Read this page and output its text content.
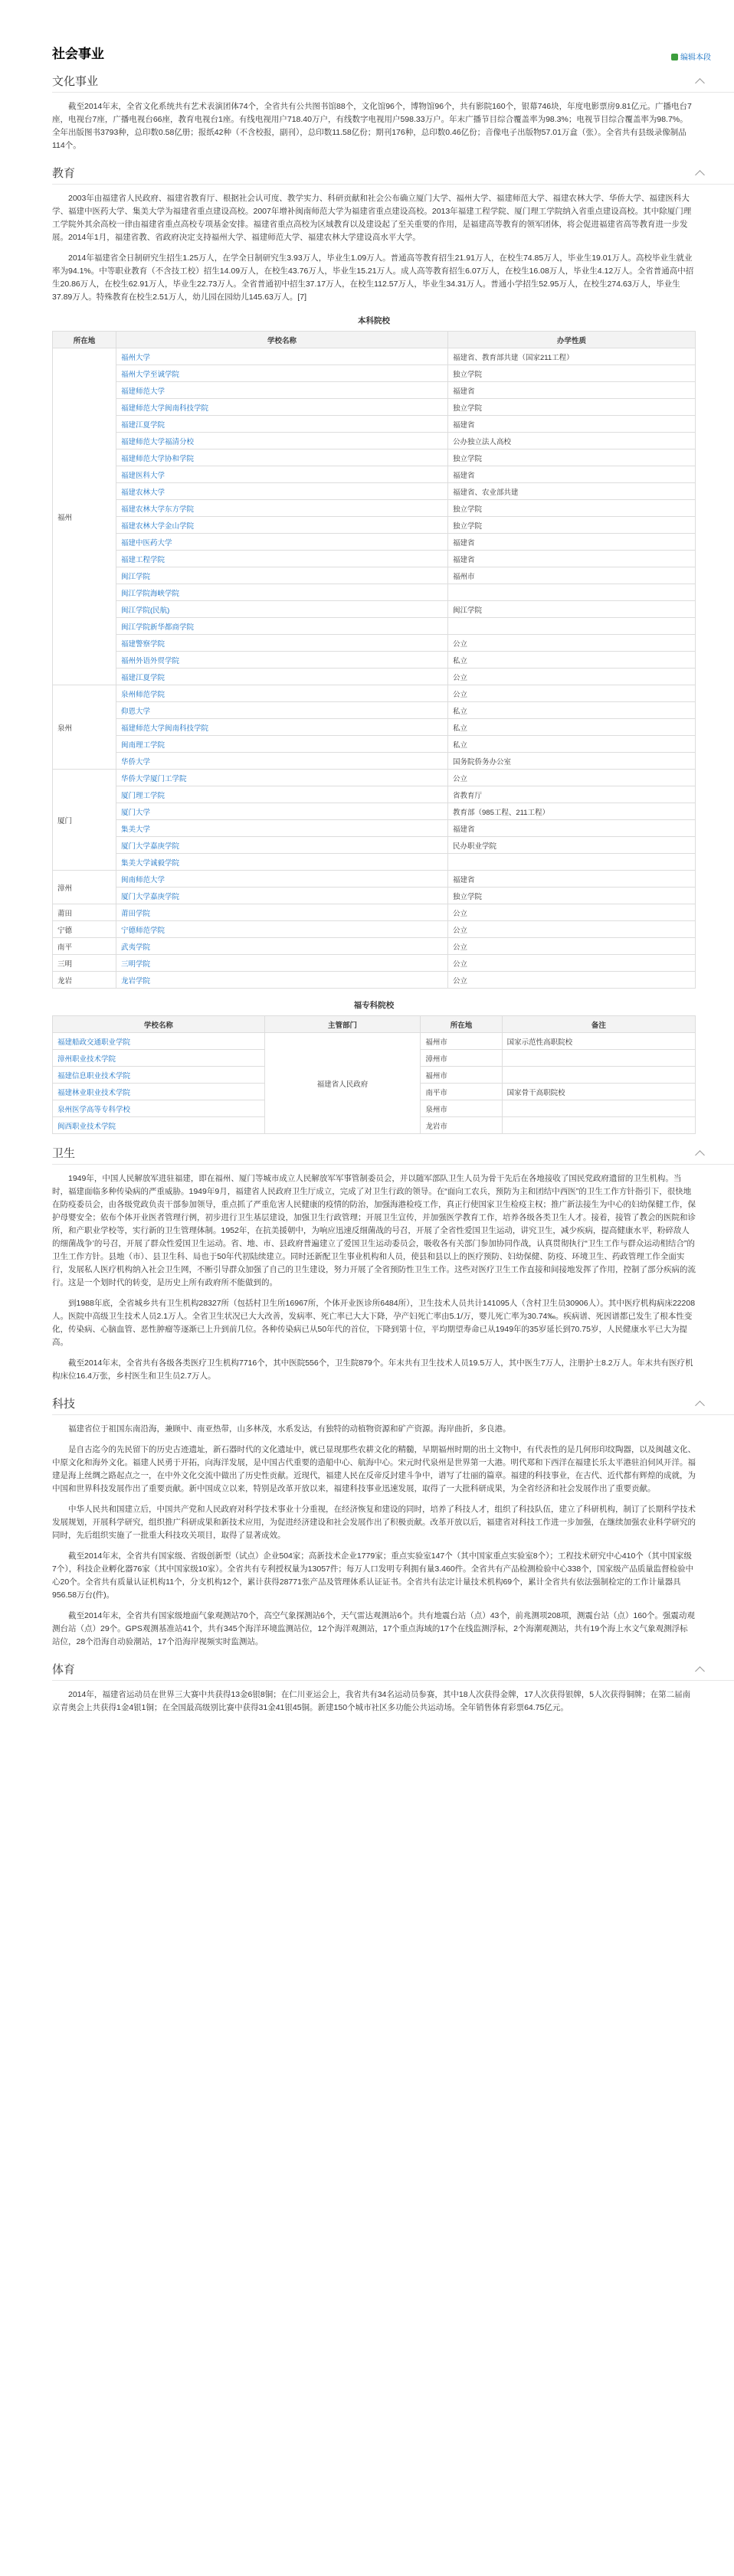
社会事业	编辑本段
文化事业

截至2014年末，全省文化系统共有艺术表演团体74个，全省共有公共图书馆88个，文化馆96个，博物馆96个，共有影院160个，银幕746块，年度电影票房9.81亿元。广播电台7座，电视台7座，广播电视台66座，教育电视台1座。有线电视用户718.40万户，有线数字电视用户598.33万户。年末广播节目综合覆盖率为98.3%；电视节目综合覆盖率为98.7%。全年出版图书3793种，总印数0.58亿册；报纸42种（不含校报，副刊），总印数11.58亿份；期刊176种，总印数0.46亿份；音像电子出版物57.01万盒（张）。全省共有县级录像制品114个。

教育

2003年由福建省人民政府、福建省教育厅、根据社会认可度、教学实力、科研贡献和社会公布确立厦门大学、福州大学、福建师范大学、福建农林大学、华侨大学、福建医科大学、福建中医药大学、集美大学为福建省重点建设高校。2007年增补闽南师范大学为福建省重点建设高校。2013年福建工程学院、厦门理工学院纳入省重点建设高校。其中除厦门理工学院外其余高校一律由福建省重点高校专项基金安排。福建省重点高校为区域教育以及建设起了至关重要的作用，是福建高等教育的领军团体，将会促进福建省高等教育进一步发展。2014年1月，福建省教、省政府决定支持福州大学、福建师范大学、福建农林大学建设高水平大学。

2014年福建省全日制研究生招生1.25万人，在学全日制研究生3.93万人，毕业生1.09万人。普通高等教育招生21.91万人，在校生74.85万人，毕业生19.01万人。高校毕业生就业率为94.1%。中等职业教育（不含技工校）招生14.09万人，在校生43.76万人，毕业生15.21万人。成人高等教育招生6.07万人，在校生16.08万人，毕业生4.12万人。全省普通高中招生20.86万人，在校生62.91万人，毕业生22.73万人。全省普通初中招生37.17万人，在校生112.57万人，毕业生34.31万人。普通小学招生52.95万人，在校生274.63万人，毕业生37.89万人。特殊教育在校生2.51万人，幼儿园在园幼儿145.63万人。[7]

本科院校
所在地	学校名称	办学性质
福州	福州大学	福建省、教育部共建（国家211工程）
	福州大学至诚学院	独立学院
	福建师范大学	福建省
	福建师范大学闽南科技学院	独立学院
	福建江夏学院	福建省
	福建师范大学福清分校	公办独立法人高校
	福建师范大学协和学院	独立学院
	福建医科大学	福建省
	福建农林大学	福建省、农业部共建
	福建农林大学东方学院	独立学院
	福建农林大学金山学院	独立学院
	福建中医药大学	福建省
	福建工程学院	福建省
	闽江学院	福州市
	闽江学院海峡学院	
	闽江学院(民航)	闽江学院
	闽江学院新华都商学院	
	福建警察学院	公立
	福州外语外贸学院	私立
	福建江夏学院	公立
泉州	泉州师范学院	公立
	仰恩大学	私立
	福建师范大学闽南科技学院	私立
	闽南理工学院	私立
	华侨大学	国务院侨务办公室
厦门	华侨大学厦门工学院	公立
	厦门理工学院	省教育厅
	厦门大学	教育部（985工程、211工程）
	集美大学	福建省
	厦门大学嘉庚学院	民办职业学院
	集美大学诚毅学院	
漳州	闽南师范大学	福建省
	厦门大学嘉庚学院	独立学院
莆田	莆田学院	公立
宁德	宁德师范学院	公立
南平	武夷学院	公立
三明	三明学院	公立
龙岩	龙岩学院	公立
福专科院校
学校名称	主管部门	所在地	备注
福建船政交通职业学院	福建省人民政府	福州市	国家示范性高职院校
漳州职业技术学院		漳州市	
福建信息职业技术学院		福州市	
福建林业职业技术学院		南平市	国家骨干高职院校
泉州医学高等专科学校		泉州市	
闽西职业技术学院		龙岩市	
卫生

1949年，中国人民解放军进驻福建，即在福州、厦门等城市成立人民解放军军事管制委员会，并以随军部队卫生人员为骨干先后在各地接收了国民党政府遗留的卫生机构。当时，福建面临多种传染病的严重威胁。1949年9月，福建省人民政府卫生厅成立，完成了对卫生行政的领导。在“面向工农兵，预防为主和团结中西医”的卫生工作方针指引下，很快地在防疫委员会，由各级党政负责干部参加领导，重点抓了严重危害人民健康的疫情的防治，加强海港检疫工作，真正行使国家卫生检疫主权；推广新法接生为中心的妇幼保健工作，保护母婴安全；依布个体开业医者管理行例，初步进行卫生基层建设，加强卫生行政管理；开展卫生宣传，并加强医学教育工作，培养各级各类卫生人才。接着，接管了教会的医院和诊所，和产职业学校等，实行新的卫生管理体制。1952年，在抗美援朝中，为响应迅速反细菌战的号召，开展了全省性爱国卫生运动，讲究卫生，减少疾病，提高健康水平，粉碎敌人的细菌战争’的号召，开展了群众性爱国卫生运动。省、地、市、县政府普遍建立了爱国卫生运动委员会，吸收各有关部门参加协同作战，认真贯彻执行“卫生工作与群众运动相结合”的卫生工作方针。县地（市）、县卫生科、局也于50年代初陆续建立。同时还新配卫生事业机构和人员，使县和县以上的医疗预防、妇幼保健、防疫、环境卫生、药政管理工作全面实行，发展私人医疗机构纳入社会卫生网，不断引导群众加强了自己的卫生建设，努力开展了全省预防性卫生工作。这些对医疗卫生工作直接和间接地发挥了作用，控制了部分疾病的流行。这是一个划时代的转变，是历史上所有政府所不能做到的。

到1988年底，全省城乡共有卫生机构28327所（包括村卫生所16967所，个体开业医诊所6484所），卫生技术人员共计141095人（含村卫生员30906人）。其中医疗机构病床22208人。医院中高级卫生技术人员2.1万人。全省卫生状况已大大改善，发病率、死亡率已大大下降，孕产妇死亡率由5.1/万，婴儿死亡率为30.74‰。疾病谱、死因谱都已发生了根本性变化，传染病、心脑血管、恶性肿瘤等逐渐已上升到前几位。各种传染病已从50年代的首位，下降到第十位，平均期望寿命已从1949年的35岁延长到70.75岁，人民健康水平已大为提高。

截至2014年末，全省共有各级各类医疗卫生机构7716个，其中医院556个，卫生院879个。年末共有卫生技术人员19.5万人，其中医生7万人，注册护士8.2万人。年末共有医疗机构床位16.4万张，乡村医生和卫生员2.7万人。

科技

福建省位于祖国东南沿海，兼顾中、南亚热带，山多林茂，水系发达，有独特的动植物资源和矿产资源。海岸曲折，多良港。

是自古迄今的先民留下的历史古迹遗址，新石器时代的文化遗址中，就已显现那些农耕文化的精髓，早期福州时期的出土文物中，有代表性的是几何形印纹陶器，以及闽越文化、中原文化和海外文化。福建人民勇于开拓，向海洋发展，是中国古代重要的造船中心、航海中心。宋元时代泉州是世界第一大港。明代郑和下西洋在福建长乐太平港驻泊伺风开洋。福建是海上丝绸之路起点之一，在中外文化交流中做出了历史性贡献。近现代，福建人民在反帝反封建斗争中，谱写了壮丽的篇章。福建的科技事业，在古代、近代都有辉煌的成就，为中国和世界科技发展作出了重要贡献。新中国成立以来，特别是改革开放以来，福建科技事业迅速发展，取得了一大批科研成果，为全省经济和社会发展作出了重要贡献。

中华人民共和国建立后，中国共产党和人民政府对科学技术事业十分重视，在经济恢复和建设的同时，培养了科技人才，组织了科技队伍，建立了科研机构，制订了长期科学技术发展规划，开展科学研究，组织推广科研成果和新技术应用，为促进经济建设和社会发展作出了积极贡献。改革开放以后，福建省对科技工作进一步加强，在继续加强农业科学研究的同时，先后组织实施了一批重大科技攻关项目，取得了显著成效。

截至2014年末，全省共有国家级、省级创新型（试点）企业504家；高新技术企业1779家；重点实验室147个（其中国家重点实验室8个）；工程技术研究中心410个（其中国家级7个），科技企业孵化器76家（其中国家级10家）。全省共有专利授权量为13057件；每万人口发明专利拥有量3.460件。全省共有产品检测检验中心338个，国家级产品质量监督检验中心20个。全省共有质量认证机构11个，分支机构12个，累计获得28771张产品及管理体系认证证书。全省共有法定计量技术机构69个，累计全省共有依法强制检定的工作计量器具956.58万台(件)。

截至2014年末，全省共有国家级地面气象观测站70个，高空气象探测站6个，天气雷达观测站6个。共有地震台站（点）43个，前兆测项208项，测震台站（点）160个。强震动观测台站（点）29个。GPS观测基准站41个，共有345个海洋环境监测站位，12个海洋观测站，17个重点海域的17个在线监测浮标，2个海潮观测站，共有19个海上水文气象观测浮标站位，28个沿海自动验潮站，17个沿海岸视频实时监测站。

体育

2014年，福建省运动员在世界三大赛中共获得13金6银8铜；在仁川亚运会上，我省共有34名运动员参赛，其中18人次获得金牌，17人次获得银牌，5人次获得铜牌；在第二届南京青奥会上共获得1金4银1铜；在全国最高级别比赛中获得31金41银45铜。新建150个城市社区多功能公共运动场。全年销售体育彩票64.75亿元。
